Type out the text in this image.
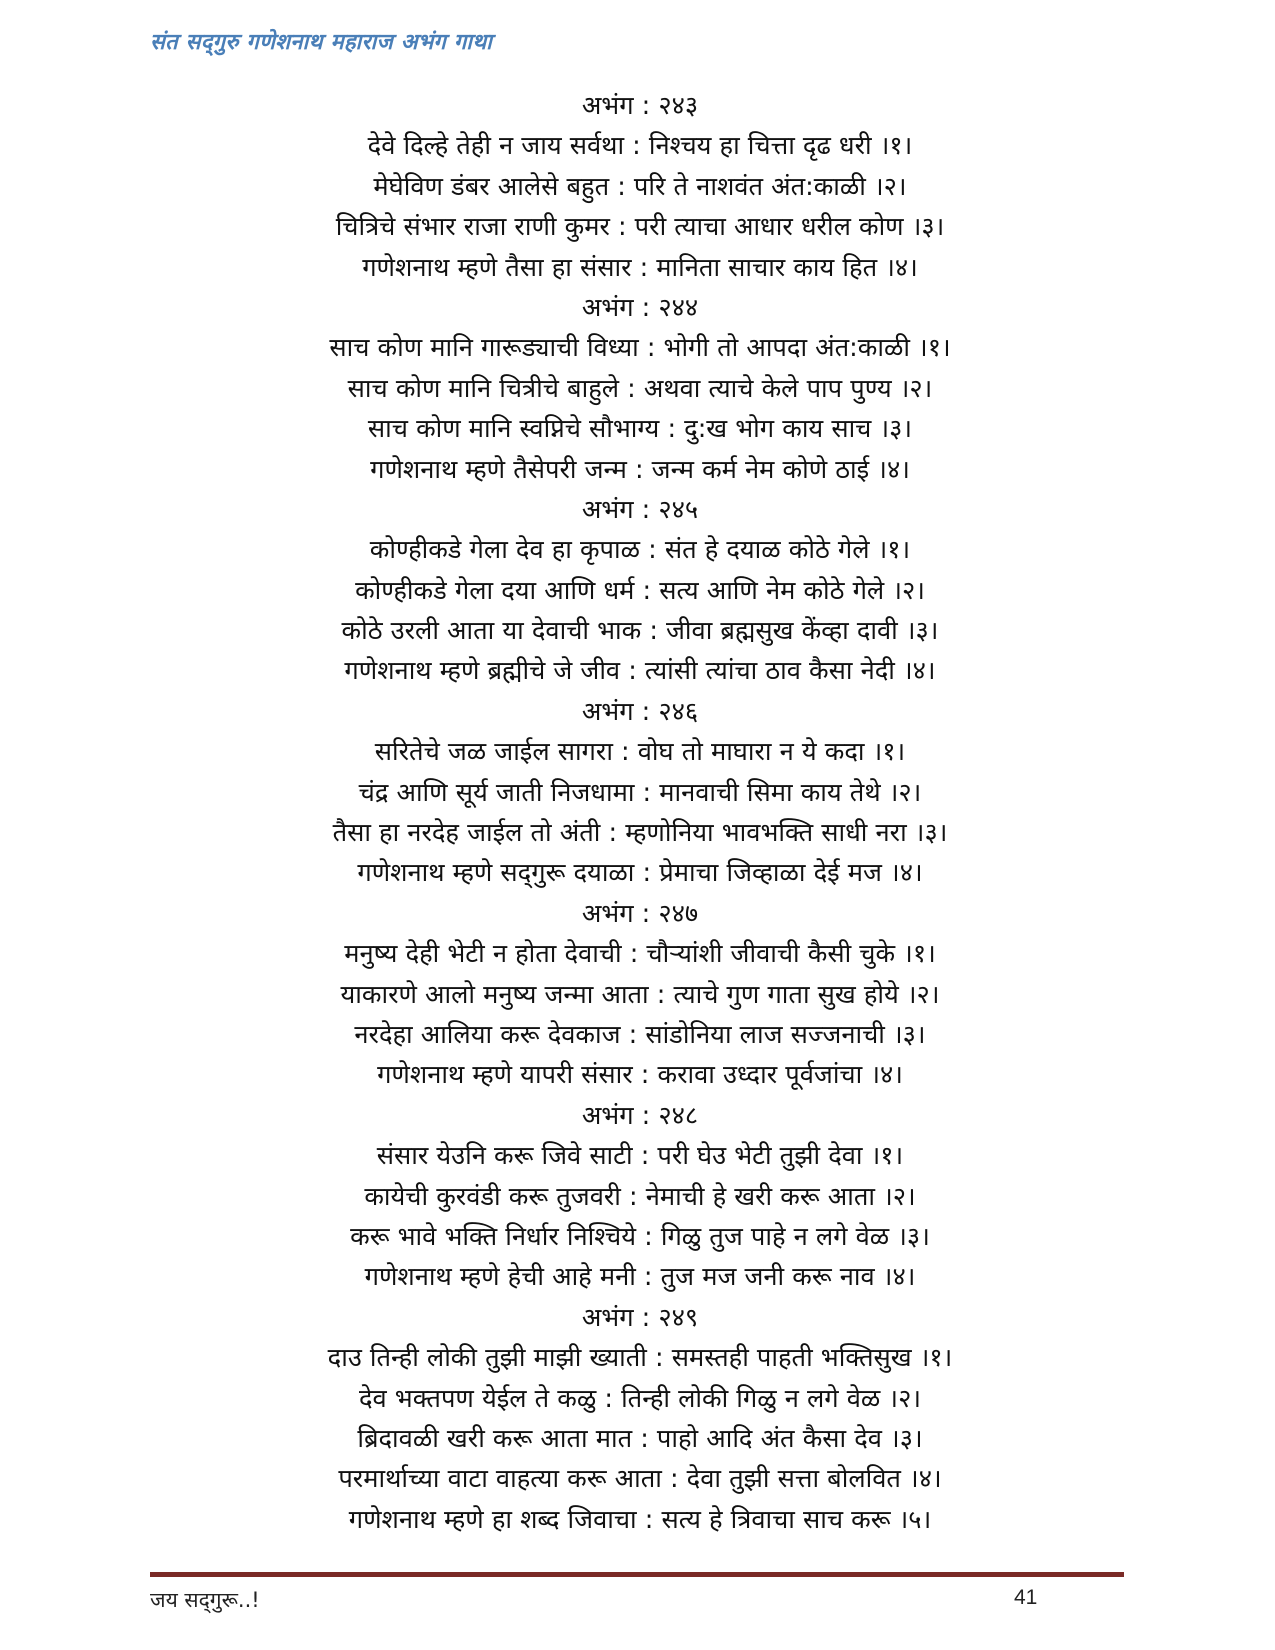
संत सद्‌गुरु गणेशनाथ महाराज अभंग गाथा
अभंग : २४३
देवे दिल्हे तेही न जाय सर्वथा : निश्चय हा चित्ता दृढ धरी ।१।
मेघेविण डंबर आलेसे बहुत : परि ते नाशवंत अंत:काळी ।२।
चित्रिचे संभार राजा राणी कुमर : परी त्याचा आधार धरील कोण ।३।
गणेशनाथ म्हणे तैसा हा संसार : मानिता साचार काय हित ।४।
अभंग : २४४
साच कोण मानि गारूड्याची विध्या : भोगी तो आपदा अंत:काळी ।१।
साच कोण मानि चित्रीचे बाहुले : अथवा त्याचे केले पाप पुण्य ।२।
साच कोण मानि स्वप्निचे सौभाग्य : दु:ख भोग काय साच ।३।
गणेशनाथ म्हणे तैसेपरी जन्म : जन्म कर्म नेम कोणे ठाई ।४।
अभंग : २४५
कोण्हीकडे गेला देव हा कृपाळ : संत हे दयाळ कोठे गेले ।१।
कोण्हीकडे गेला दया आणि धर्म : सत्य आणि नेम कोठे गेले ।२।
कोठे उरली आता या देवाची भाक : जीवा ब्रह्मसुख केंव्हा दावी ।३।
गणेशनाथ म्हणे ब्रह्मीचे जे जीव : त्यांसी त्यांचा ठाव कैसा नेदी ।४।
अभंग : २४६
सरितेचे जळ जाईल सागरा : वोघ तो माघारा न ये कदा ।१।
चंद्र आणि सूर्य जाती निजधामा : मानवाची सिमा काय तेथे ।२।
तैसा हा नरदेह जाईल तो अंती : म्हणोनिया भावभक्ति साधी नरा ।३।
गणेशनाथ म्हणे सद्‌गुरू दयाळा : प्रेमाचा जिव्हाळा देई मज ।४।
अभंग : २४७
मनुष्य देही भेटी न होता देवाची : चौऱ्यांशी जीवाची कैसी चुके ।१।
याकारणे आलो मनुष्य जन्मा आता : त्याचे गुण गाता सुख होये ।२।
नरदेहा आलिया करू देवकाज : सांडोनिया लाज सज्जनाची ।३।
गणेशनाथ म्हणे यापरी संसार : करावा उध्दार पूर्वजांचा ।४।
अभंग : २४८
संसार येउनि करू जिवे साटी : परी घेउ भेटी तुझी देवा ।१।
कायेची कुरवंडी करू तुजवरी : नेमाची हे खरी करू आता ।२।
करू भावे भक्ति निर्धार निश्चिये : गिळु तुज पाहे न लगे वेळ ।३।
गणेशनाथ म्हणे हेची आहे मनी : तुज मज जनी करू नाव ।४।
अभंग : २४९
दाउ तिन्ही लोकी तुझी माझी ख्याती : समस्तही पाहती भक्तिसुख ।१।
देव भक्तपण येईल ते कळु : तिन्ही लोकी गिळु न लगे वेळ ।२।
ब्रिदावळी खरी करू आता मात : पाहो आदि अंत कैसा देव ।३।
परमार्थाच्या वाटा वाहत्या करू आता : देवा तुझी सत्ता बोलवित ।४।
गणेशनाथ म्हणे हा शब्द जिवाचा : सत्य हे त्रिवाचा साच करू ।५।
जय सद्‌गुरू..!	41
